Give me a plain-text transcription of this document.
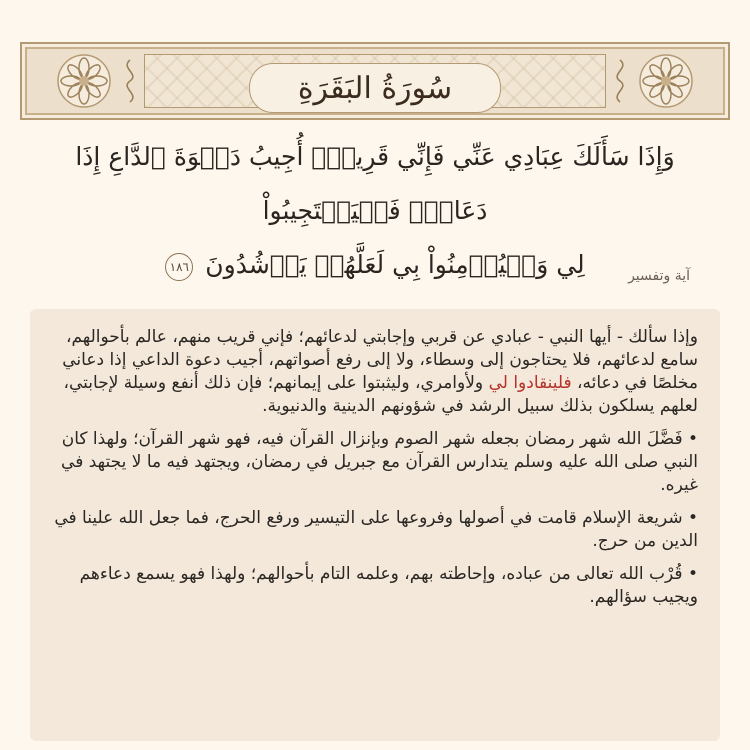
سُورَةُ البَقَرَةِ
وَإِذَا سَأَلَكَ عِبَادِي عَنِّي فَإِنِّي قَرِيبٌۖ أُجِيبُ دَعۡوَةَ ٱلدَّاعِ إِذَا دَعَانِۖ فَلۡيَسۡتَجِيبُواْ
لِي وَلۡيُؤۡمِنُواْ بِي لَعَلَّهُمۡ يَرۡشُدُونَ ١٨٦
آية وتفسير

وإذا سألك - أيها النبي - عبادي عن قربي وإجابتي لدعائهم؛ فإني قريب منهم، عالم بأحوالهم، سامع لدعائهم، فلا يحتاجون إلى وسطاء، ولا إلى رفع أصواتهم، أجيب دعوة الداعي إذا دعاني مخلصًا في دعائه، فلينقادوا لي ولأوامري، وليثبتوا على إيمانهم؛ فإن ذلك أنفع وسيلة لإجابتي، لعلهم يسلكون بذلك سبيل الرشد في شؤونهم الدينية والدنيوية.

• فَضَّلَ الله شهر رمضان بجعله شهر الصوم وبإنزال القرآن فيه، فهو شهر القرآن؛ ولهذا كان النبي صلى الله عليه وسلم يتدارس القرآن مع جبريل في رمضان، ويجتهد فيه ما لا يجتهد في غيره.

• شريعة الإسلام قامت في أصولها وفروعها على التيسير ورفع الحرج، فما جعل الله علينا في الدين من حرج.

• قُرْب الله تعالى من عباده، وإحاطته بهم، وعلمه التام بأحوالهم؛ ولهذا فهو يسمع دعاءهم ويجيب سؤالهم.
